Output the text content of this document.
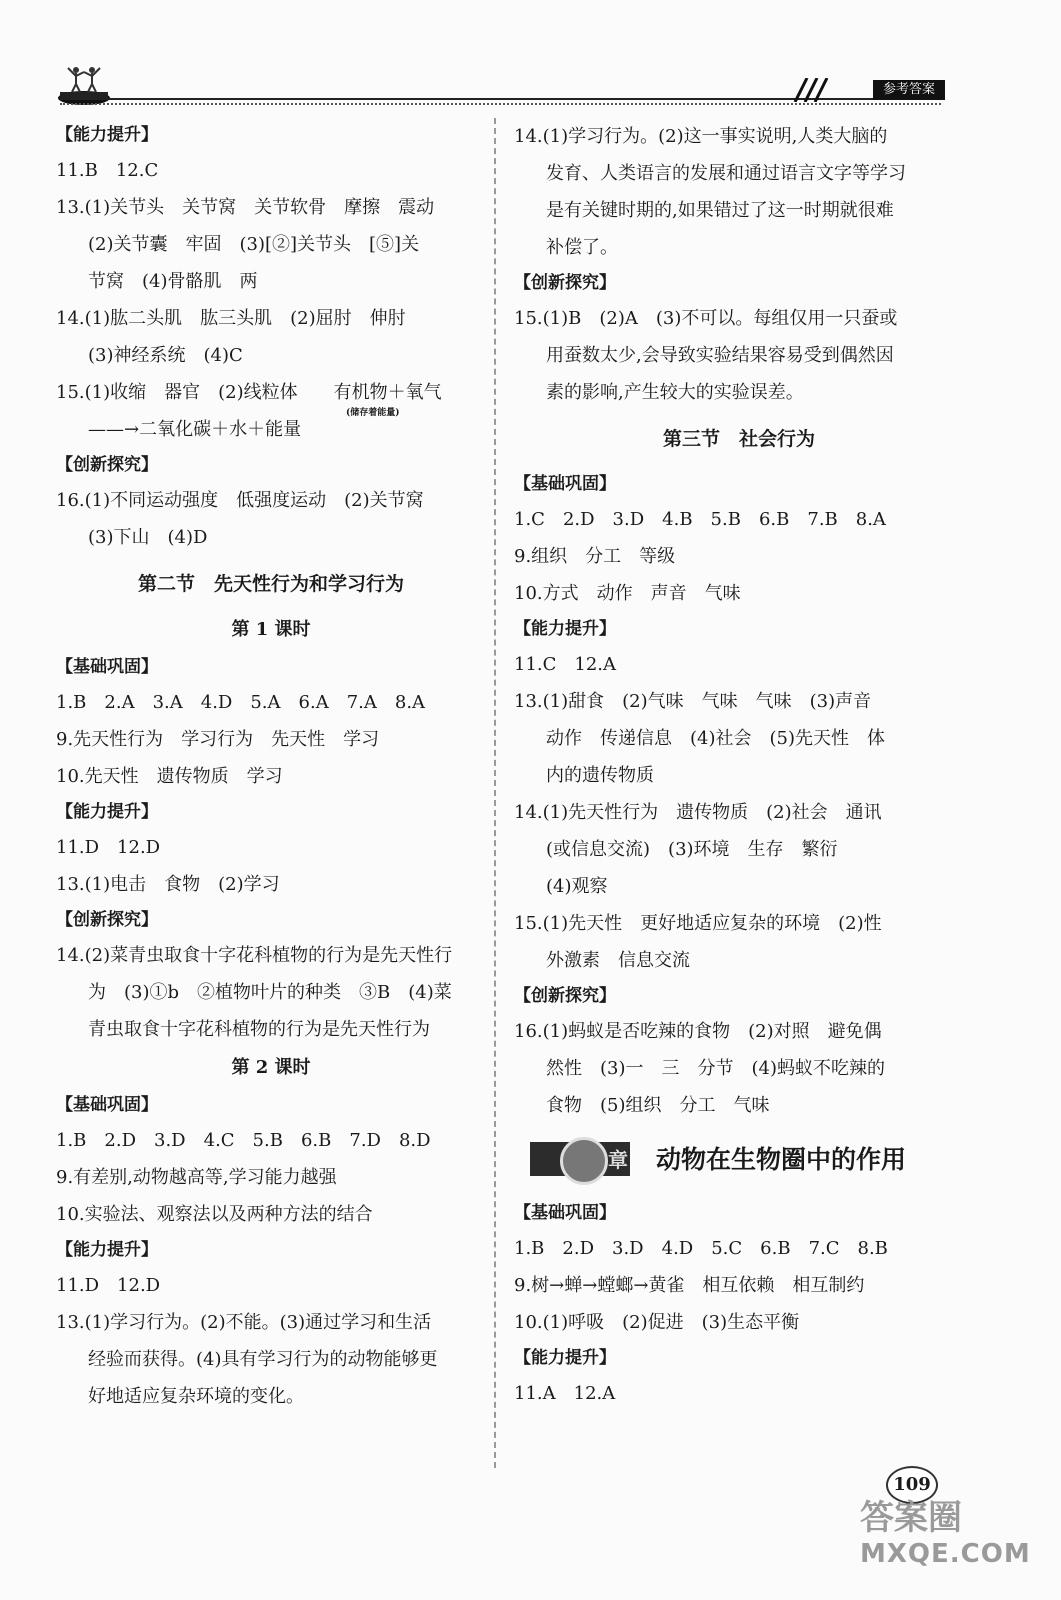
参考答案
【能力提升】
11.B　12.C
13.(1)关节头　关节窝　关节软骨　摩擦　震动
(2)关节囊　牢固　(3)[②]关节头　[⑤]关
节窝　(4)骨骼肌　两
14.(1)肱二头肌　肱三头肌　(2)屈肘　伸肘
(3)神经系统　(4)C
15.(1)收缩　器官　(2)线粒体　　有机物＋氧气
(储存着能量)
——→二氧化碳＋水＋能量
【创新探究】
16.(1)不同运动强度　低强度运动　(2)关节窝
(3)下山　(4)D
第二节　先天性行为和学习行为
第 1 课时
【基础巩固】
1.B　2.A　3.A　4.D　5.A　6.A　7.A　8.A
9.先天性行为　学习行为　先天性　学习
10.先天性　遗传物质　学习
【能力提升】
11.D　12.D
13.(1)电击　食物　(2)学习
【创新探究】
14.(2)菜青虫取食十字花科植物的行为是先天性行
为　(3)①b　②植物叶片的种类　③B　(4)菜
青虫取食十字花科植物的行为是先天性行为
第 2 课时
【基础巩固】
1.B　2.D　3.D　4.C　5.B　6.B　7.D　8.D
9.有差别,动物越高等,学习能力越强
10.实验法、观察法以及两种方法的结合
【能力提升】
11.D　12.D
13.(1)学习行为。(2)不能。(3)通过学习和生活
经验而获得。(4)具有学习行为的动物能够更
好地适应复杂环境的变化。
14.(1)学习行为。(2)这一事实说明,人类大脑的
发育、人类语言的发展和通过语言文字等学习
是有关键时期的,如果错过了这一时期就很难
补偿了。
【创新探究】
15.(1)B　(2)A　(3)不可以。每组仅用一只蚕或
用蚕数太少,会导致实验结果容易受到偶然因
素的影响,产生较大的实验误差。
第三节　社会行为
【基础巩固】
1.C　2.D　3.D　4.B　5.B　6.B　7.B　8.A
9.组织　分工　等级
10.方式　动作　声音　气味
【能力提升】
11.C　12.A
13.(1)甜食　(2)气味　气味　气味　(3)声音
动作　传递信息　(4)社会　(5)先天性　体
内的遗传物质
14.(1)先天性行为　遗传物质　(2)社会　通讯
(或信息交流)　(3)环境　生存　繁衍
(4)观察
15.(1)先天性　更好地适应复杂的环境　(2)性
外激素　信息交流
【创新探究】
16.(1)蚂蚁是否吃辣的食物　(2)对照　避免偶
然性　(3)一　三　分节　(4)蚂蚁不吃辣的
食物　(5)组织　分工　气味
章 动物在生物圈中的作用
【基础巩固】
1.B　2.D　3.D　4.D　5.C　6.B　7.C　8.B
9.树→蝉→螳螂→黄雀　相互依赖　相互制约
10.(1)呼吸　(2)促进　(3)生态平衡
【能力提升】
11.A　12.A
109
答案圈
MXQE.COM
